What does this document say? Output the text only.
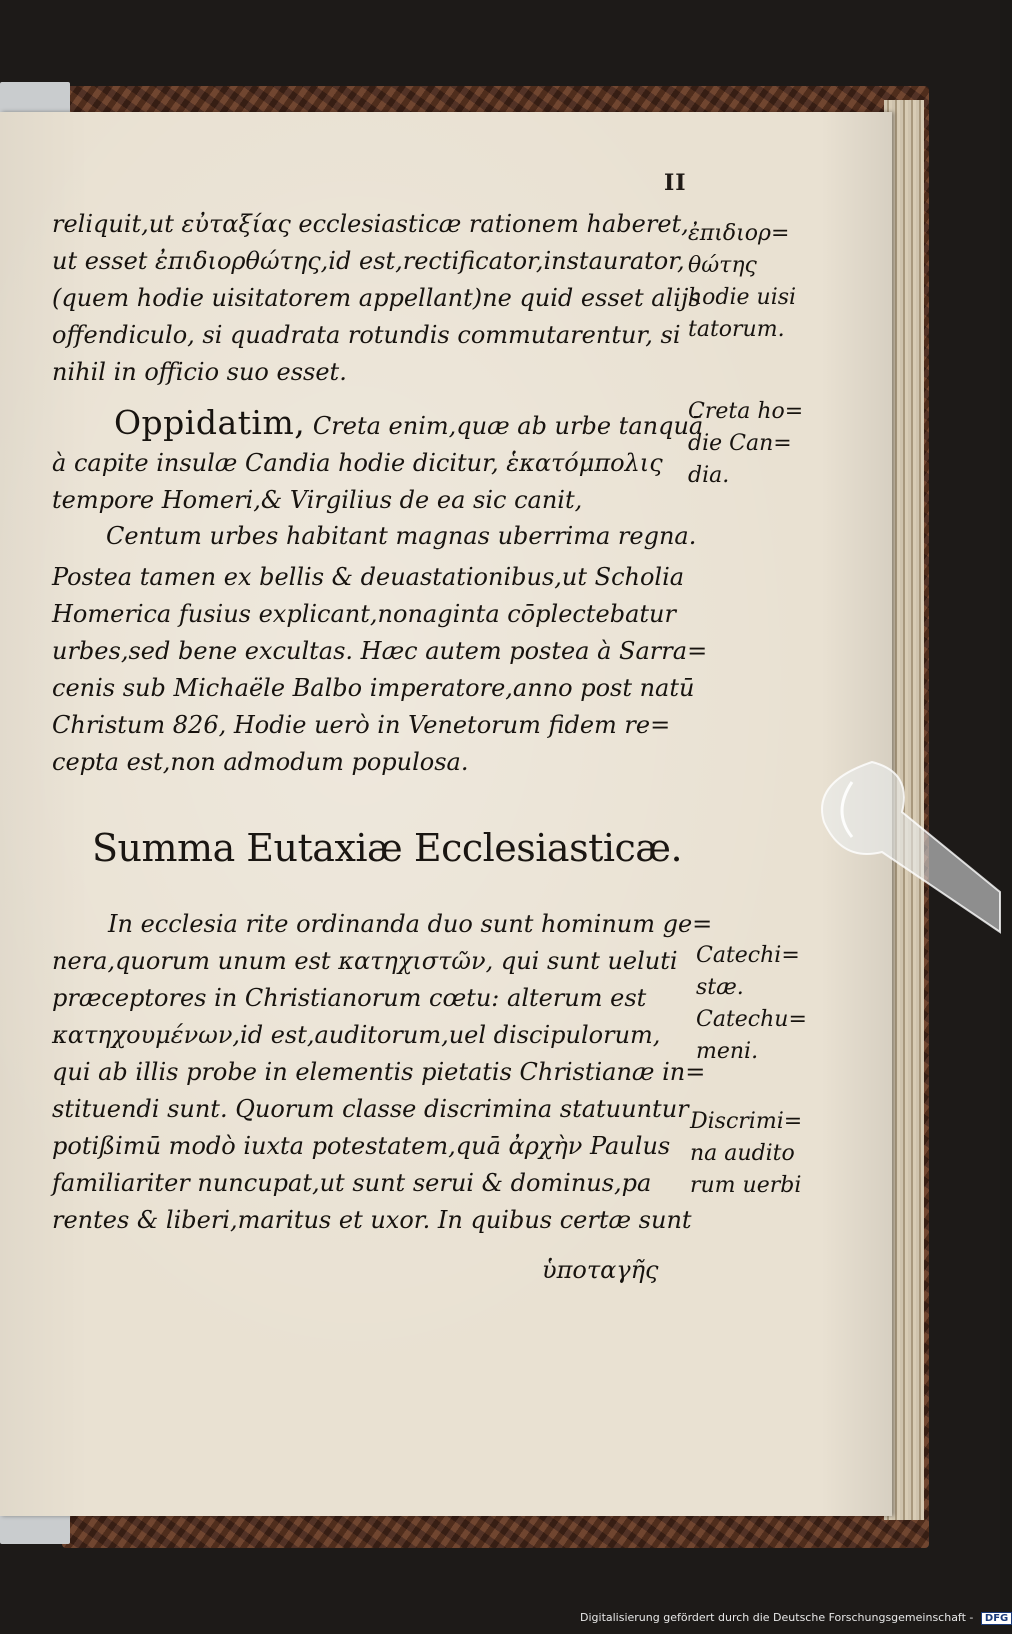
II
reliquit,ut εὐταξίας ecclesiasticæ rationem haberet,
ut esset ἐπιδιορθώτης,id est,rectificator,instaurator,
(quem hodie uisitatorem appellant)ne quid esset alijs
offendiculo, si quadrata rotundis commutarentur, si
nihil in officio suo esset.
Oppidatim, Creta enim,quæ ab urbe tanquā
à capite insulæ Candia hodie dicitur, ἑκατόμπολις
tempore Homeri,& Virgilius de ea sic canit,
Centum urbes habitant magnas uberrima regna.
Postea tamen ex bellis & deuastationibus,ut Scholia
Homerica fusius explicant,nonaginta cōplectebatur
urbes,sed bene excultas. Hæc autem postea à Sarra=
cenis sub Michaële Balbo imperatore,anno post natū
Christum 826, Hodie uerò in Venetorum fidem re=
cepta est,non admodum populosa.
Summa Eutaxiæ Ecclesiasticæ.
In ecclesia rite ordinanda duo sunt hominum ge=
nera,quorum unum est κατηχιστῶν, qui sunt ueluti
præceptores in Christianorum cœtu: alterum est
κατηχουμένων,id est,auditorum,uel discipulorum,
qui ab illis probe in elementis pietatis Christianæ in=
stituendi sunt. Quorum classe discrimina statuuntur
potißimū modò iuxta potestatem,quā ἀρχὴν Paulus
familiariter nuncupat,ut sunt serui & dominus,pa
rentes & liberi,maritus et uxor. In quibus certæ sunt
ὑποταγῆς
ἐπιδιορ=
θώτης
hodie uisi
tatorum.
Creta ho=
die Can=
dia.
Catechi=
stæ.
Catechu=
meni.
Discrimi=
na audito
rum uerbi
Digitalisierung gefördert durch die Deutsche Forschungsgemeinschaft - DFG
